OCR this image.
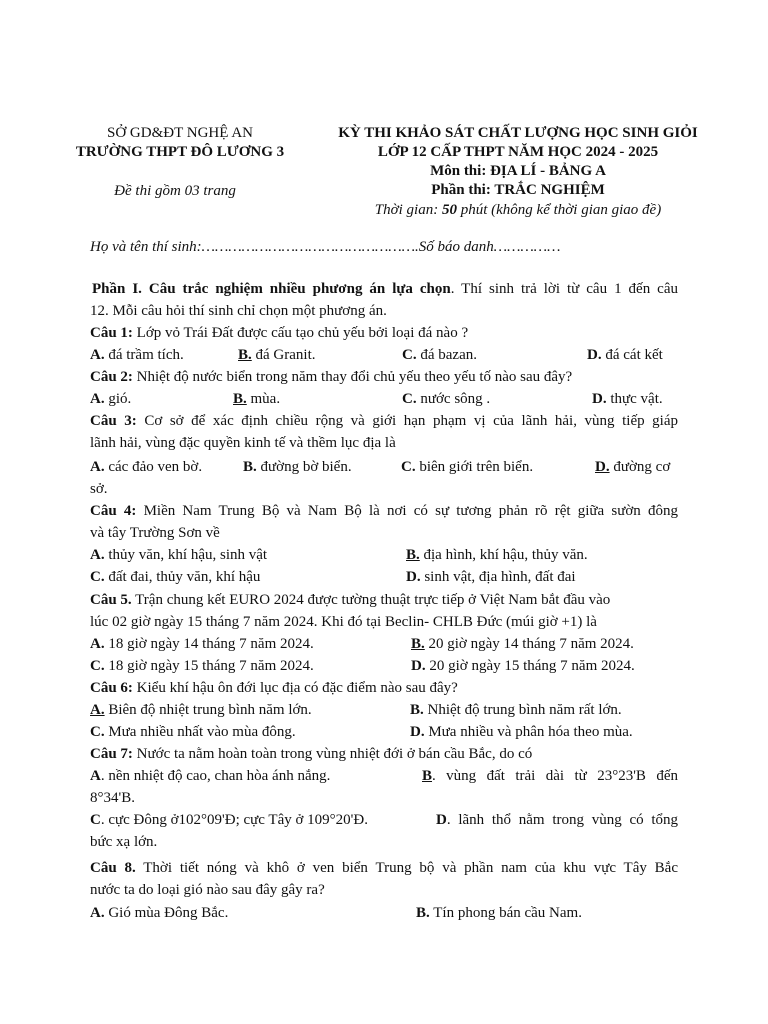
SỞ GD&ĐT NGHỆ AN
TRƯỜNG THPT ĐÔ LƯƠNG 3
Đề thi gồm 03 trang
KỲ THI KHẢO SÁT CHẤT LƯỢNG HỌC SINH GIỎI
LỚP 12 CẤP THPT NĂM HỌC 2024 - 2025
Môn thi: ĐỊA LÍ - BẢNG A
Phần thi: TRẮC NGHIỆM
Thời gian: 50 phút (không kể thời gian giao đề)
Họ và tên thí sinh:………………………………………….Số báo danh……………
Phần I. Câu trắc nghiệm nhiều phương án lựa chọn. Thí sinh trả lời từ câu 1 đến câu
12. Mỗi câu hỏi thí sinh chỉ chọn một phương án.
Câu 1: Lớp vỏ Trái Đất được cấu tạo chủ yếu bởi loại đá nào ?
A. đá trầm tích.	B. đá Granit.	C. đá bazan.	D. đá cát kết
Câu 2: Nhiệt độ nước biển trong năm thay đổi chủ yếu theo yếu tố nào sau đây?
A. gió.	B. mùa.	C. nước sông .	D. thực vật.
Câu 3: Cơ sở để xác định chiều rộng và giới hạn phạm vị của lãnh hải, vùng tiếp giáp
lãnh hải, vùng đặc quyền kinh tế và thềm lục địa là
A. các đảo ven bờ.	B. đường bờ biển.	C. biên giới trên biển.	D. đường cơ
sở.
Câu 4: Miền Nam Trung Bộ và Nam Bộ là nơi có sự tương phản rõ rệt giữa sườn đông
và tây Trường Sơn về
A. thủy văn, khí hậu, sinh vật	B. địa hình, khí hậu, thủy văn.
C. đất đai, thủy văn, khí hậu	D. sinh vật, địa hình, đất đai
Câu 5. Trận chung kết EURO 2024 được tường thuật trực tiếp ở Việt Nam bắt đầu vào
lúc 02 giờ ngày 15 tháng 7 năm 2024. Khi đó tại Beclin- CHLB Đức (múi giờ +1) là
A. 18 giờ ngày 14 tháng 7 năm 2024.	B. 20 giờ ngày 14 tháng 7 năm 2024.
C. 18 giờ ngày 15 tháng 7 năm 2024.	D. 20 giờ ngày 15 tháng 7 năm 2024.
Câu 6: Kiểu khí hậu ôn đới lục địa có đặc điểm nào sau đây?
A. Biên độ nhiệt trung bình năm lớn.	B. Nhiệt độ trung bình năm rất lớn.
C. Mưa nhiều nhất vào mùa đông.	D. Mưa nhiều và phân hóa theo mùa.
Câu 7: Nước ta nằm hoàn toàn trong vùng nhiệt đới ở bán cầu Bắc, do có
A. nền nhiệt độ cao, chan hòa ánh nắng.	B. vùng đất trải dài từ 23°23'B đến
8°34'B.
C. cực Đông ở102°09'Đ; cực Tây ở 109°20'Đ.	D. lãnh thổ nằm trong vùng có tổng
bức xạ lớn.
Câu 8. Thời tiết nóng và khô ở ven biển Trung bộ và phần nam của khu vực Tây Bắc
nước ta do loại gió nào sau đây gây ra?
A. Gió mùa Đông Bắc.	B. Tín phong bán cầu Nam.
